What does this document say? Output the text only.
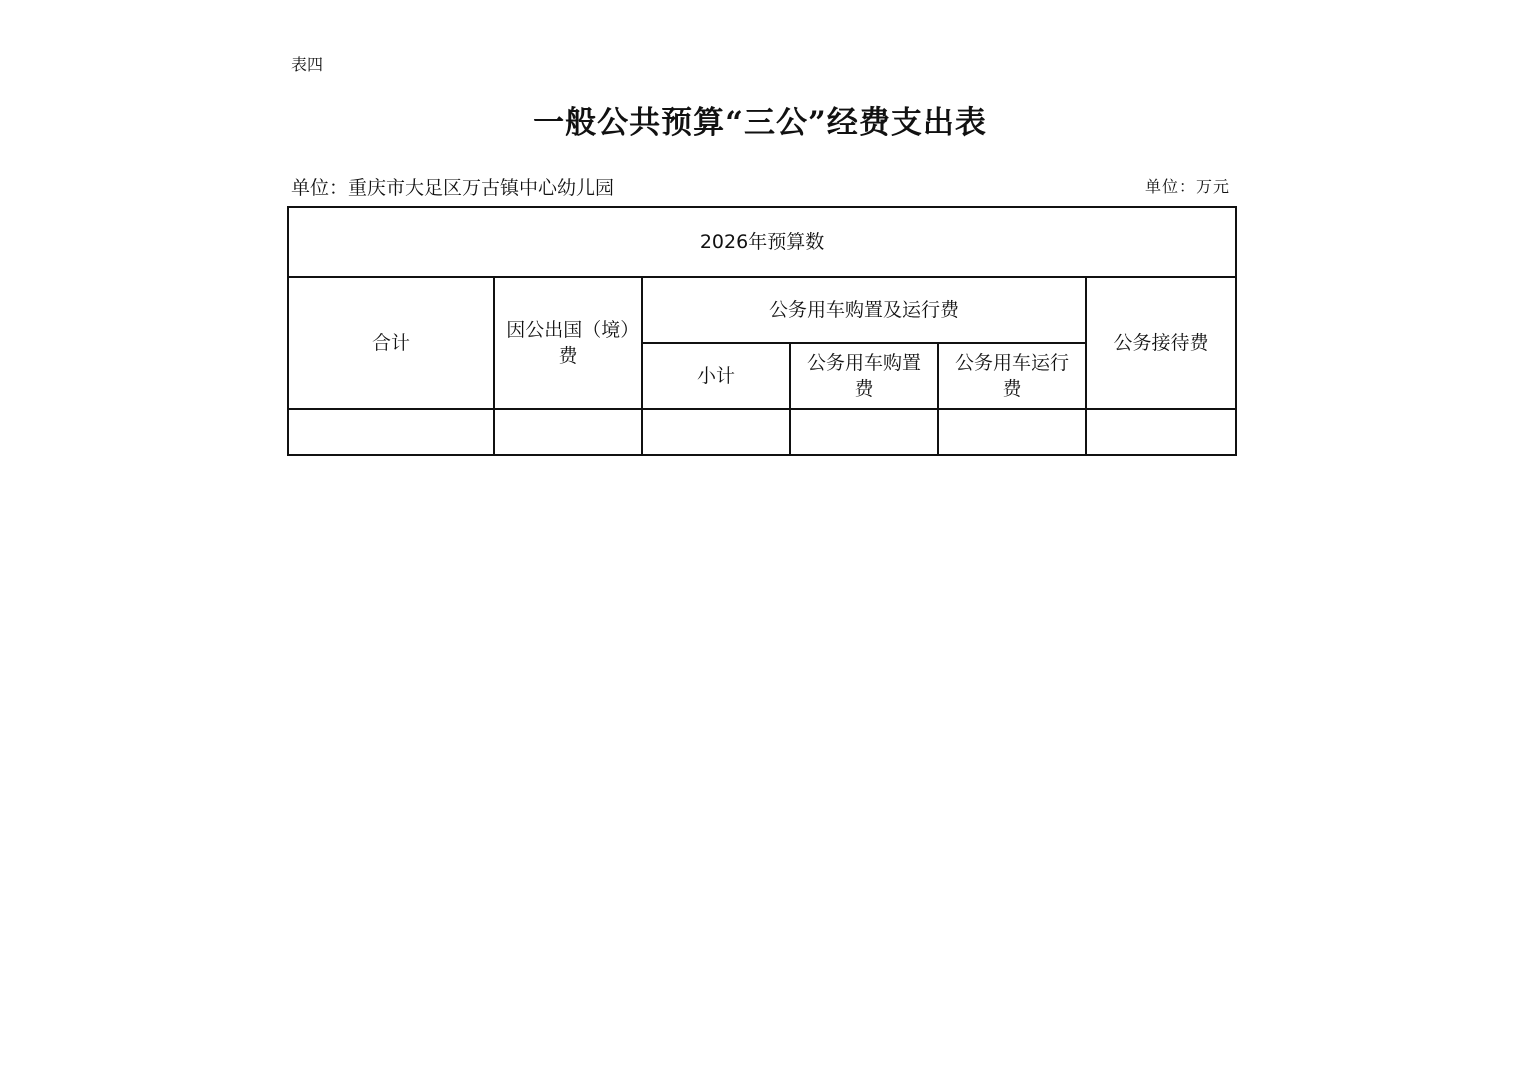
表四
一般公共预算“三公”经费支出表
单位：重庆市大足区万古镇中心幼儿园	单位：万元
2026年预算数					
合计	因公出国（境）费	公务用车购置及运行费			公务接待费
		小计	公务用车购置费	公务用车运行费	
